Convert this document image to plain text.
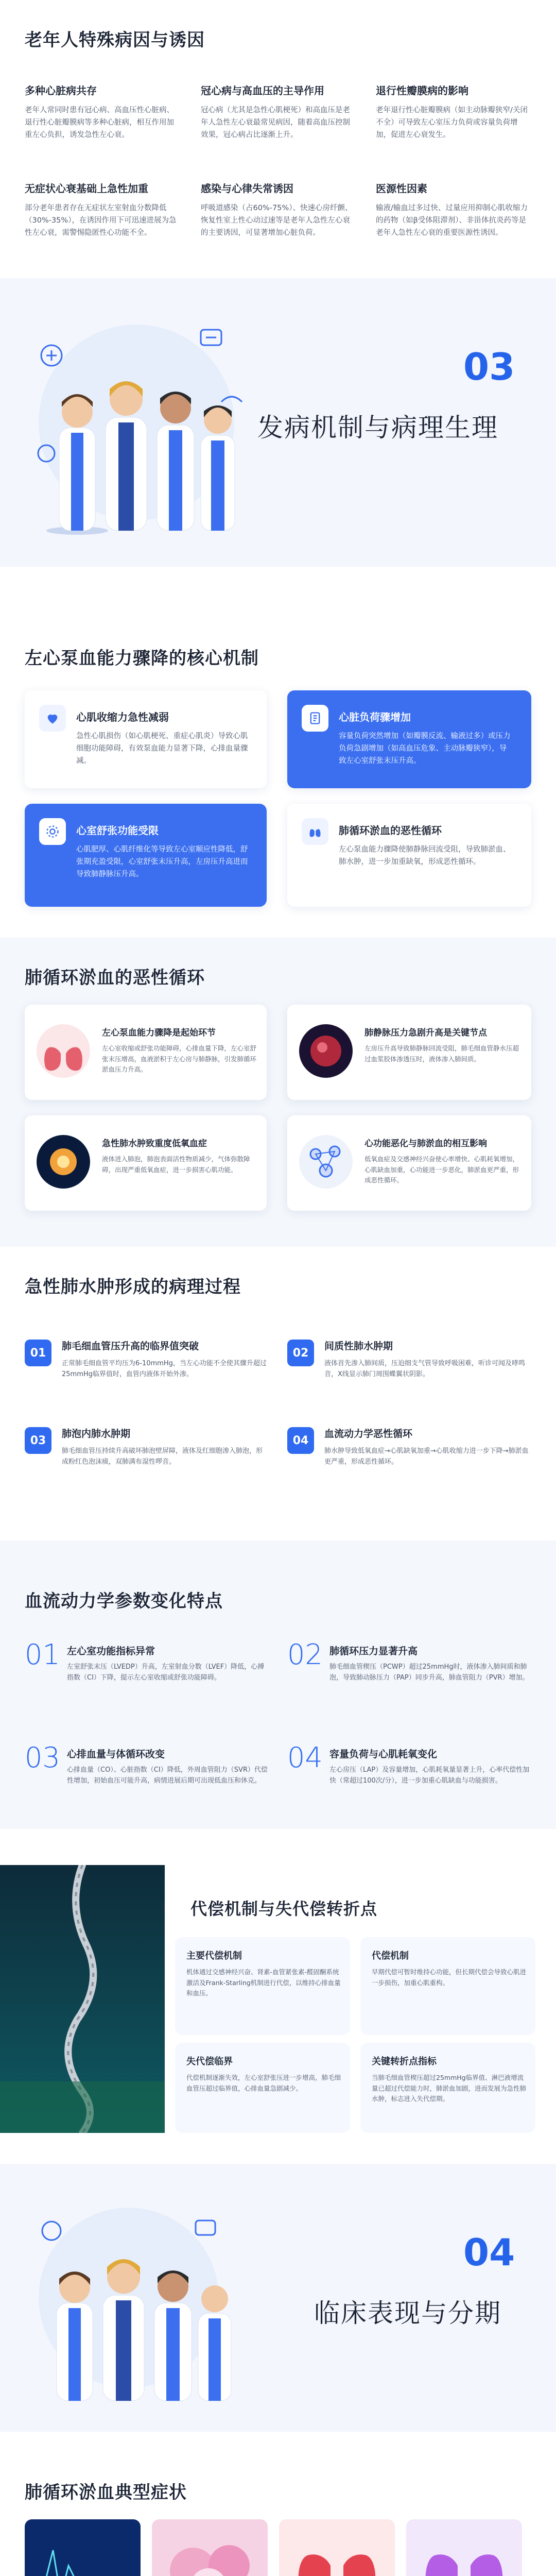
老年人特殊病因与诱因
多种心脏病共存
老年人常同时患有冠心病、高血压性心脏病、退行性心脏瓣膜病等多种心脏病，相互作用加重左心负担，诱发急性左心衰。
冠心病与高血压的主导作用
冠心病（尤其是急性心肌梗死）和高血压是老年人急性左心衰最常见病因，随着高血压控制效果，冠心病占比逐渐上升。
退行性瓣膜病的影响
老年退行性心脏瓣膜病（如主动脉瓣狭窄/关闭不全）可导致左心室压力负荷或容量负荷增加，促进左心衰发生。
无症状心衰基础上急性加重
部分老年患者存在无症状左室射血分数降低（30%-35%），在诱因作用下可迅速进展为急性左心衰，需警惕隐匿性心功能不全。
感染与心律失常诱因
呼吸道感染（占60%-75%）、快速心房纤颤、恢复性室上性心动过速等是老年人急性左心衰的主要诱因，可显著增加心脏负荷。
医源性因素
输液/输血过多过快、过量应用抑制心肌收缩力的药物（如β受体阻滞剂）、非甾体抗炎药等是老年人急性左心衰的重要医源性诱因。
03
发病机制与病理生理
左心泵血能力骤降的核心机制
心肌收缩力急性减弱
急性心肌损伤（如心肌梗死、重症心肌炎）导致心肌细胞功能障碍，有效泵血能力显著下降，心排血量骤减。
心脏负荷骤增加
容量负荷突然增加（如瓣膜反流、输液过多）或压力负荷急剧增加（如高血压危象、主动脉瓣狭窄），导致左心室舒张末压升高。
心室舒张功能受限
心肌肥厚、心肌纤维化等导致左心室顺应性降低，舒张期充盈受限，心室舒张末压升高，左房压升高进而导致肺静脉压升高。
肺循环淤血的恶性循环
左心泵血能力骤降使肺静脉回流受阻，导致肺淤血、肺水肿，进一步加重缺氧，形成恶性循环。
肺循环淤血的恶性循环
左心泵血能力骤降是起始环节
左心室收缩或舒张功能障碍，心排血量下降，左心室舒张末压增高，血液淤积于左心房与肺静脉，引发肺循环淤血压力升高。
肺静脉压力急剧升高是关键节点
左房压升高导致肺静脉回流受阻，肺毛细血管静水压超过血浆胶体渗透压时，液体渗入肺间质。
急性肺水肿致重度低氧血症
液体进入肺泡，肺泡表面活性物质减少，气体弥散障碍，出现严重低氧血症，进一步损害心肌功能。
心功能恶化与肺淤血的相互影响
低氧血症及交感神经兴奋使心率增快、心肌耗氧增加，心肌缺血加重，心功能进一步恶化，肺淤血更严重，形成恶性循环。
急性肺水肿形成的病理过程
01
肺毛细血管压升高的临界值突破
正常肺毛细血管平均压为6-10mmHg，当左心功能不全使其骤升超过25mmHg临界值时，血管内液体开始外渗。
02
间质性肺水肿期
液体首先渗入肺间质，压迫细支气管导致呼吸困难，听诊可闻及哮鸣音，X线显示肺门周围蝶翼状阴影。
03
肺泡内肺水肿期
肺毛细血管压持续升高破坏肺泡壁屏障，液体及红细胞渗入肺泡，形成粉红色泡沫痰，双肺满布湿性啰音。
04
血流动力学恶性循环
肺水肿导致低氧血症→心肌缺氧加重→心肌收缩力进一步下降→肺淤血更严重，形成恶性循环。
血流动力学参数变化特点
01 左心室功能指标异常
左室舒张末压（LVEDP）升高，左室射血分数（LVEF）降低，心搏指数（CI）下降，提示左心室收缩或舒张功能障碍。
02 肺循环压力显著升高
肺毛细血管楔压（PCWP）超过25mmHg时，液体渗入肺间质和肺泡，导致肺动脉压力（PAP）同步升高，肺血管阻力（PVR）增加。
03 心排血量与体循环改变
心排血量（CO）、心脏指数（CI）降低，外周血管阻力（SVR）代偿性增加，初始血压可能升高，病情进展后期可出现低血压和休克。
04 容量负荷与心肌耗氧变化
左心房压（LAP）及容量增加，心肌耗氧量显著上升，心率代偿性加快（常超过100次/分），进一步加重心肌缺血与功能损害。
代偿机制与失代偿转折点
主要代偿机制
机体通过交感神经兴奋、肾素-血管紧张素-醛固酮系统激活及Frank-Starling机制进行代偿，以维持心排血量和血压。
代偿机制
早期代偿可暂时维持心功能，但长期代偿会导致心肌进一步损伤，加重心肌重构。
失代偿临界
代偿机制逐渐失效，左心室舒张压进一步增高，肺毛细血管压超过临界值，心排血量急剧减少。
关键转折点指标
当肺毛细血管楔压超过25mmHg临界值、淋巴液增流量已超过代偿能力时，肺淤血加剧，进而发展为急性肺水肿，标志进入失代偿期。
04
临床表现与分期
肺循环淤血典型症状
